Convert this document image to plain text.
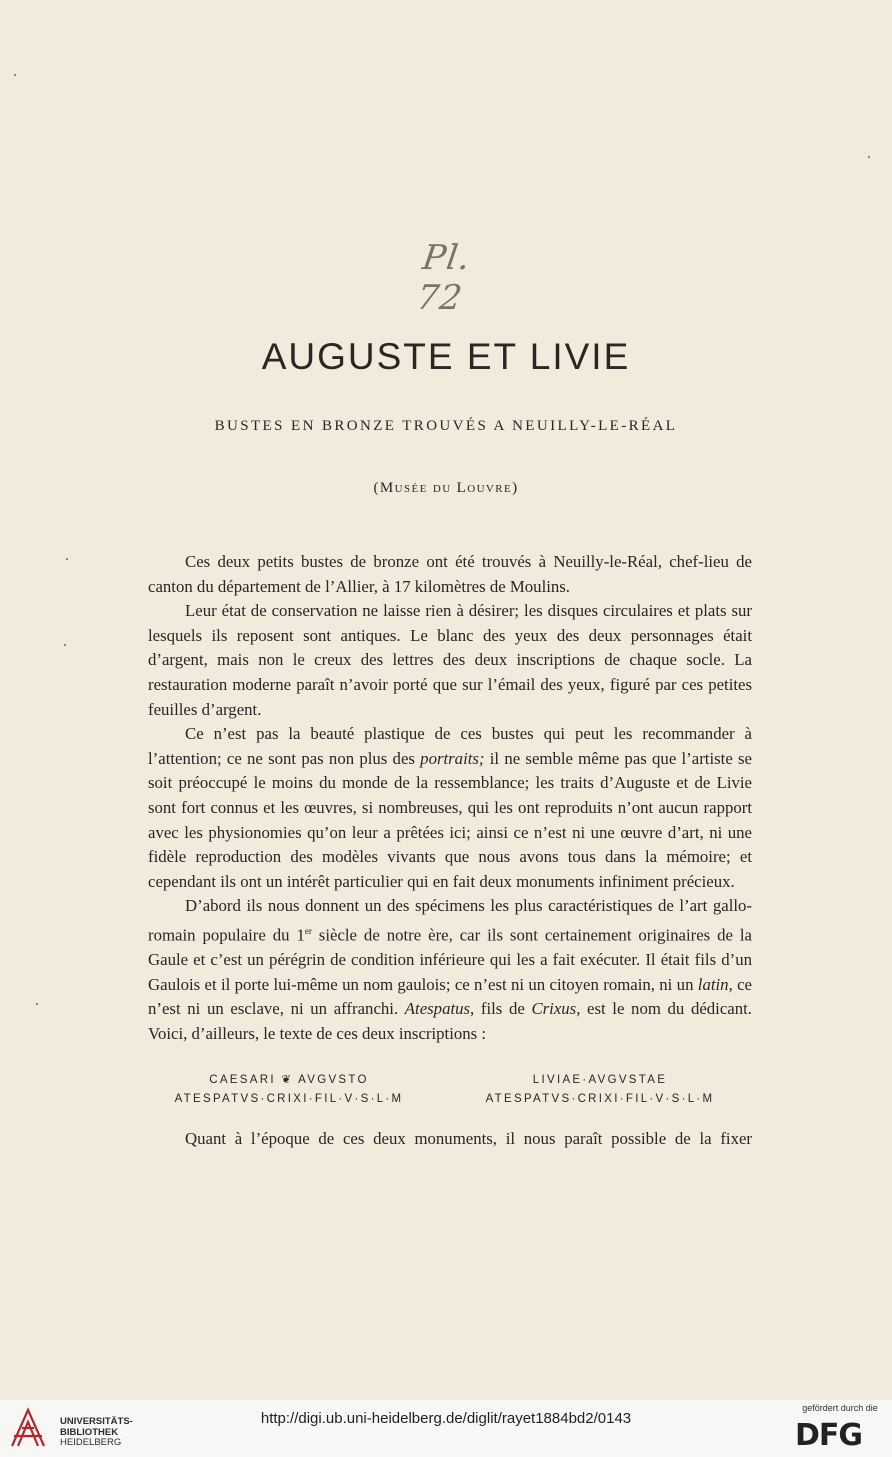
Pl. 72
AUGUSTE ET LIVIE
BUSTES EN BRONZE TROUVÉS A NEUILLY-LE-RÉAL
(Musée du Louvre)

Ces deux petits bustes de bronze ont été trouvés à Neuilly-le-Réal, chef-lieu de canton du département de l’Allier, à 17 kilomètres de Moulins.

Leur état de conservation ne laisse rien à désirer; les disques circulaires et plats sur lesquels ils reposent sont antiques. Le blanc des yeux des deux personnages était d’argent, mais non le creux des lettres des deux inscriptions de chaque socle. La restauration moderne paraît n’avoir porté que sur l’émail des yeux, figuré par ces petites feuilles d’argent.

Ce n’est pas la beauté plastique de ces bustes qui peut les recommander à l’attention; ce ne sont pas non plus des portraits; il ne semble même pas que l’artiste se soit préoccupé le moins du monde de la ressemblance; les traits d’Auguste et de Livie sont fort connus et les œuvres, si nombreuses, qui les ont reproduits n’ont aucun rapport avec les physionomies qu’on leur a prêtées ici; ainsi ce n’est ni une œuvre d’art, ni une fidèle reproduction des modèles vivants que nous avons tous dans la mémoire; et cependant ils ont un intérêt particulier qui en fait deux monuments infiniment précieux.

D’abord ils nous donnent un des spécimens les plus caractéristiques de l’art gallo-romain populaire du 1er siècle de notre ère, car ils sont certainement originaires de la Gaule et c’est un pérégrin de condition inférieure qui les a fait exécuter. Il était fils d’un Gaulois et il porte lui-même un nom gaulois; ce n’est ni un citoyen romain, ni un latin, ce n’est ni un esclave, ni un affranchi. Atespatus, fils de Crixus, est le nom du dédicant. Voici, d’ailleurs, le texte de ces deux inscriptions :

CAESARI ❦ AVGVSTO
ATESPATVS·CRIXI·FIL·V·S·L·M
LIVIAE·AVGVSTAE
ATESPATVS·CRIXI·FIL·V·S·L·M
Quant à l’époque de ces deux monuments, il nous paraît possible de la fixer
UNIVERSITÄTS-
BIBLIOTHEK
HEIDELBERG
http://digi.ub.uni-heidelberg.de/diglit/rayet1884bd2/0143
gefördert durch die
DFG
